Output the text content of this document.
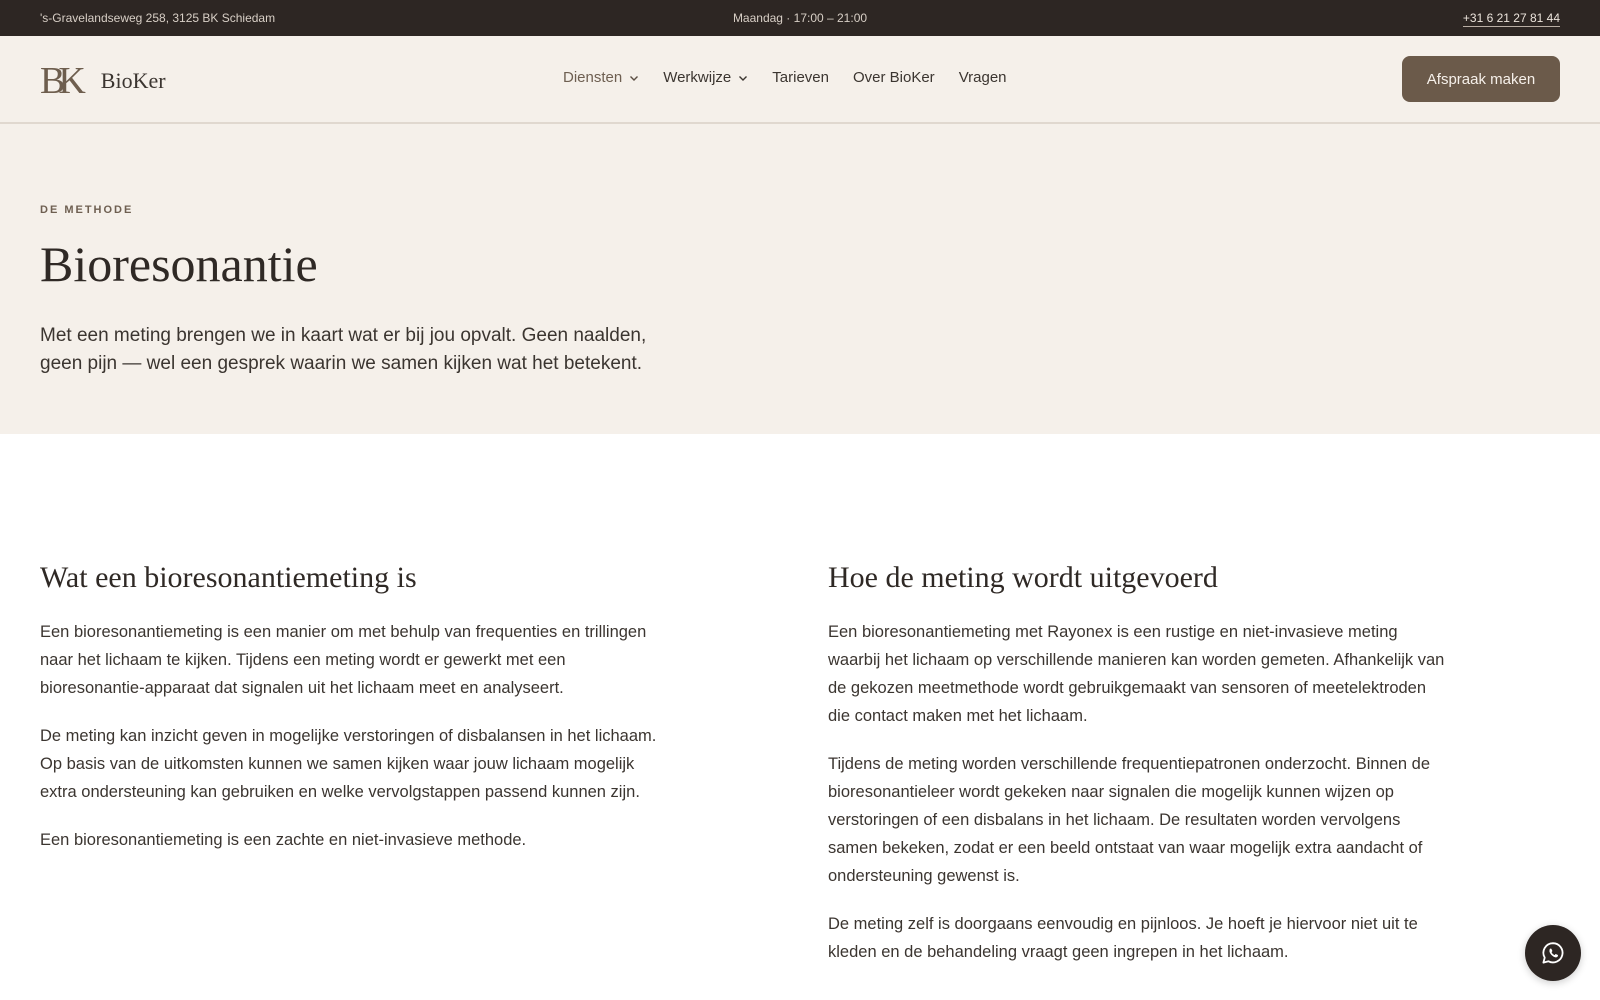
's-Gravelandseweg 258, 3125 BK Schiedam	Maandag · 17:00 – 21:00	+31 6 21 27 81 44
BK BioKer	Diensten	Werkwijze	Tarieven Over BioKer Vragen	Afspraak maken
DE METHODE
Bioresonantie

Met een meting brengen we in kaart wat er bij jou opvalt. Geen naalden, geen pijn — wel een gesprek waarin we samen kijken wat het betekent.

Wat een bioresonantiemeting is

Een bioresonantiemeting is een manier om met behulp van frequenties en trillingen naar het lichaam te kijken. Tijdens een meting wordt er gewerkt met een bioresonantie-apparaat dat signalen uit het lichaam meet en analyseert.

De meting kan inzicht geven in mogelijke verstoringen of disbalansen in het lichaam. Op basis van de uitkomsten kunnen we samen kijken waar jouw lichaam mogelijk extra ondersteuning kan gebruiken en welke vervolgstappen passend kunnen zijn.

Een bioresonantiemeting is een zachte en niet-invasieve methode.

Hoe de meting wordt uitgevoerd

Een bioresonantiemeting met Rayonex is een rustige en niet-invasieve meting waarbij het lichaam op verschillende manieren kan worden gemeten. Afhankelijk van de gekozen meetmethode wordt gebruikgemaakt van sensoren of meetelektroden die contact maken met het lichaam.

Tijdens de meting worden verschillende frequentiepatronen onderzocht. Binnen de bioresonantieleer wordt gekeken naar signalen die mogelijk kunnen wijzen op verstoringen of een disbalans in het lichaam. De resultaten worden vervolgens samen bekeken, zodat er een beeld ontstaat van waar mogelijk extra aandacht of ondersteuning gewenst is.

De meting zelf is doorgaans eenvoudig en pijnloos. Je hoeft je hiervoor niet uit te kleden en de behandeling vraagt geen ingrepen in het lichaam.
